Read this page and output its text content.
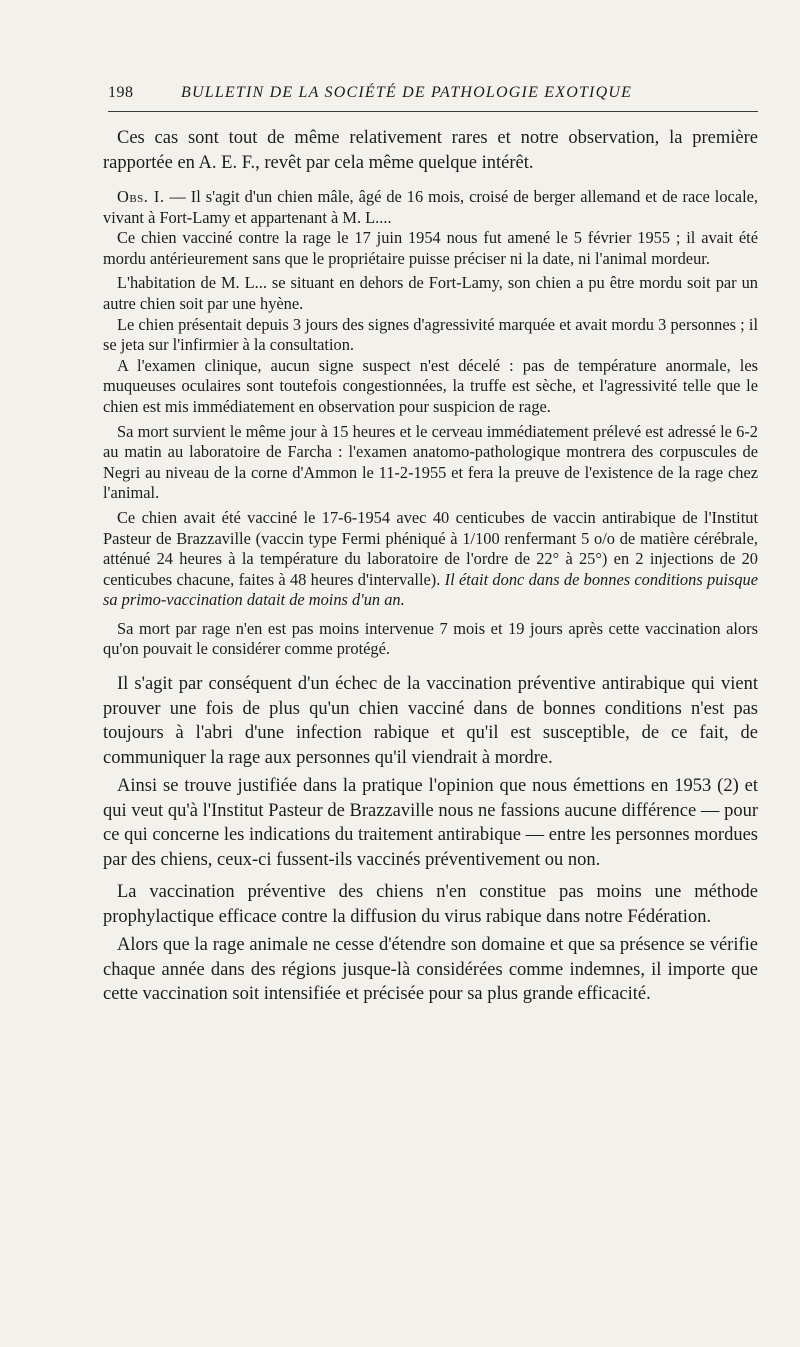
198	BULLETIN DE LA SOCIÉTÉ DE PATHOLOGIE EXOTIQUE

Ces cas sont tout de même relativement rares et notre observation, la première rapportée en A. E. F., revêt par cela même quelque intérêt.

Obs. I. — Il s'agit d'un chien mâle, âgé de 16 mois, croisé de berger allemand et de race locale, vivant à Fort-Lamy et appartenant à M. L....

Ce chien vacciné contre la rage le 17 juin 1954 nous fut amené le 5 février 1955 ; il avait été mordu antérieurement sans que le propriétaire puisse préciser ni la date, ni l'animal mordeur.

L'habitation de M. L... se situant en dehors de Fort-Lamy, son chien a pu être mordu soit par un autre chien soit par une hyène.

Le chien présentait depuis 3 jours des signes d'agressivité marquée et avait mordu 3 personnes ; il se jeta sur l'infirmier à la consultation.

A l'examen clinique, aucun signe suspect n'est décelé : pas de température anormale, les muqueuses oculaires sont toutefois congestionnées, la truffe est sèche, et l'agressivité telle que le chien est mis immédiatement en observation pour suspicion de rage.

Sa mort survient le même jour à 15 heures et le cerveau immédiatement prélevé est adressé le 6-2 au matin au laboratoire de Farcha : l'examen anatomo-pathologique montrera des corpuscules de Negri au niveau de la corne d'Ammon le 11-2-1955 et fera la preuve de l'existence de la rage chez l'animal.

Ce chien avait été vacciné le 17-6-1954 avec 40 centicubes de vaccin antirabique de l'Institut Pasteur de Brazzaville (vaccin type Fermi phéniqué à 1/100 renfermant 5 o/o de matière cérébrale, atténué 24 heures à la température du laboratoire de l'ordre de 22° à 25°) en 2 injections de 20 centicubes chacune, faites à 48 heures d'intervalle). Il était donc dans de bonnes conditions puisque sa primo-vaccination datait de moins d'un an.

Sa mort par rage n'en est pas moins intervenue 7 mois et 19 jours après cette vaccination alors qu'on pouvait le considérer comme protégé.

Il s'agit par conséquent d'un échec de la vaccination préventive antirabique qui vient prouver une fois de plus qu'un chien vacciné dans de bonnes conditions n'est pas toujours à l'abri d'une infection rabique et qu'il est susceptible, de ce fait, de communiquer la rage aux personnes qu'il viendrait à mordre.

Ainsi se trouve justifiée dans la pratique l'opinion que nous émettions en 1953 (2) et qui veut qu'à l'Institut Pasteur de Brazzaville nous ne fassions aucune différence — pour ce qui concerne les indications du traitement antirabique — entre les personnes mordues par des chiens, ceux-ci fussent-ils vaccinés préventivement ou non.

La vaccination préventive des chiens n'en constitue pas moins une méthode prophylactique efficace contre la diffusion du virus rabique dans notre Fédération.

Alors que la rage animale ne cesse d'étendre son domaine et que sa présence se vérifie chaque année dans des régions jusque-là considérées comme indemnes, il importe que cette vaccination soit intensifiée et précisée pour sa plus grande efficacité.
